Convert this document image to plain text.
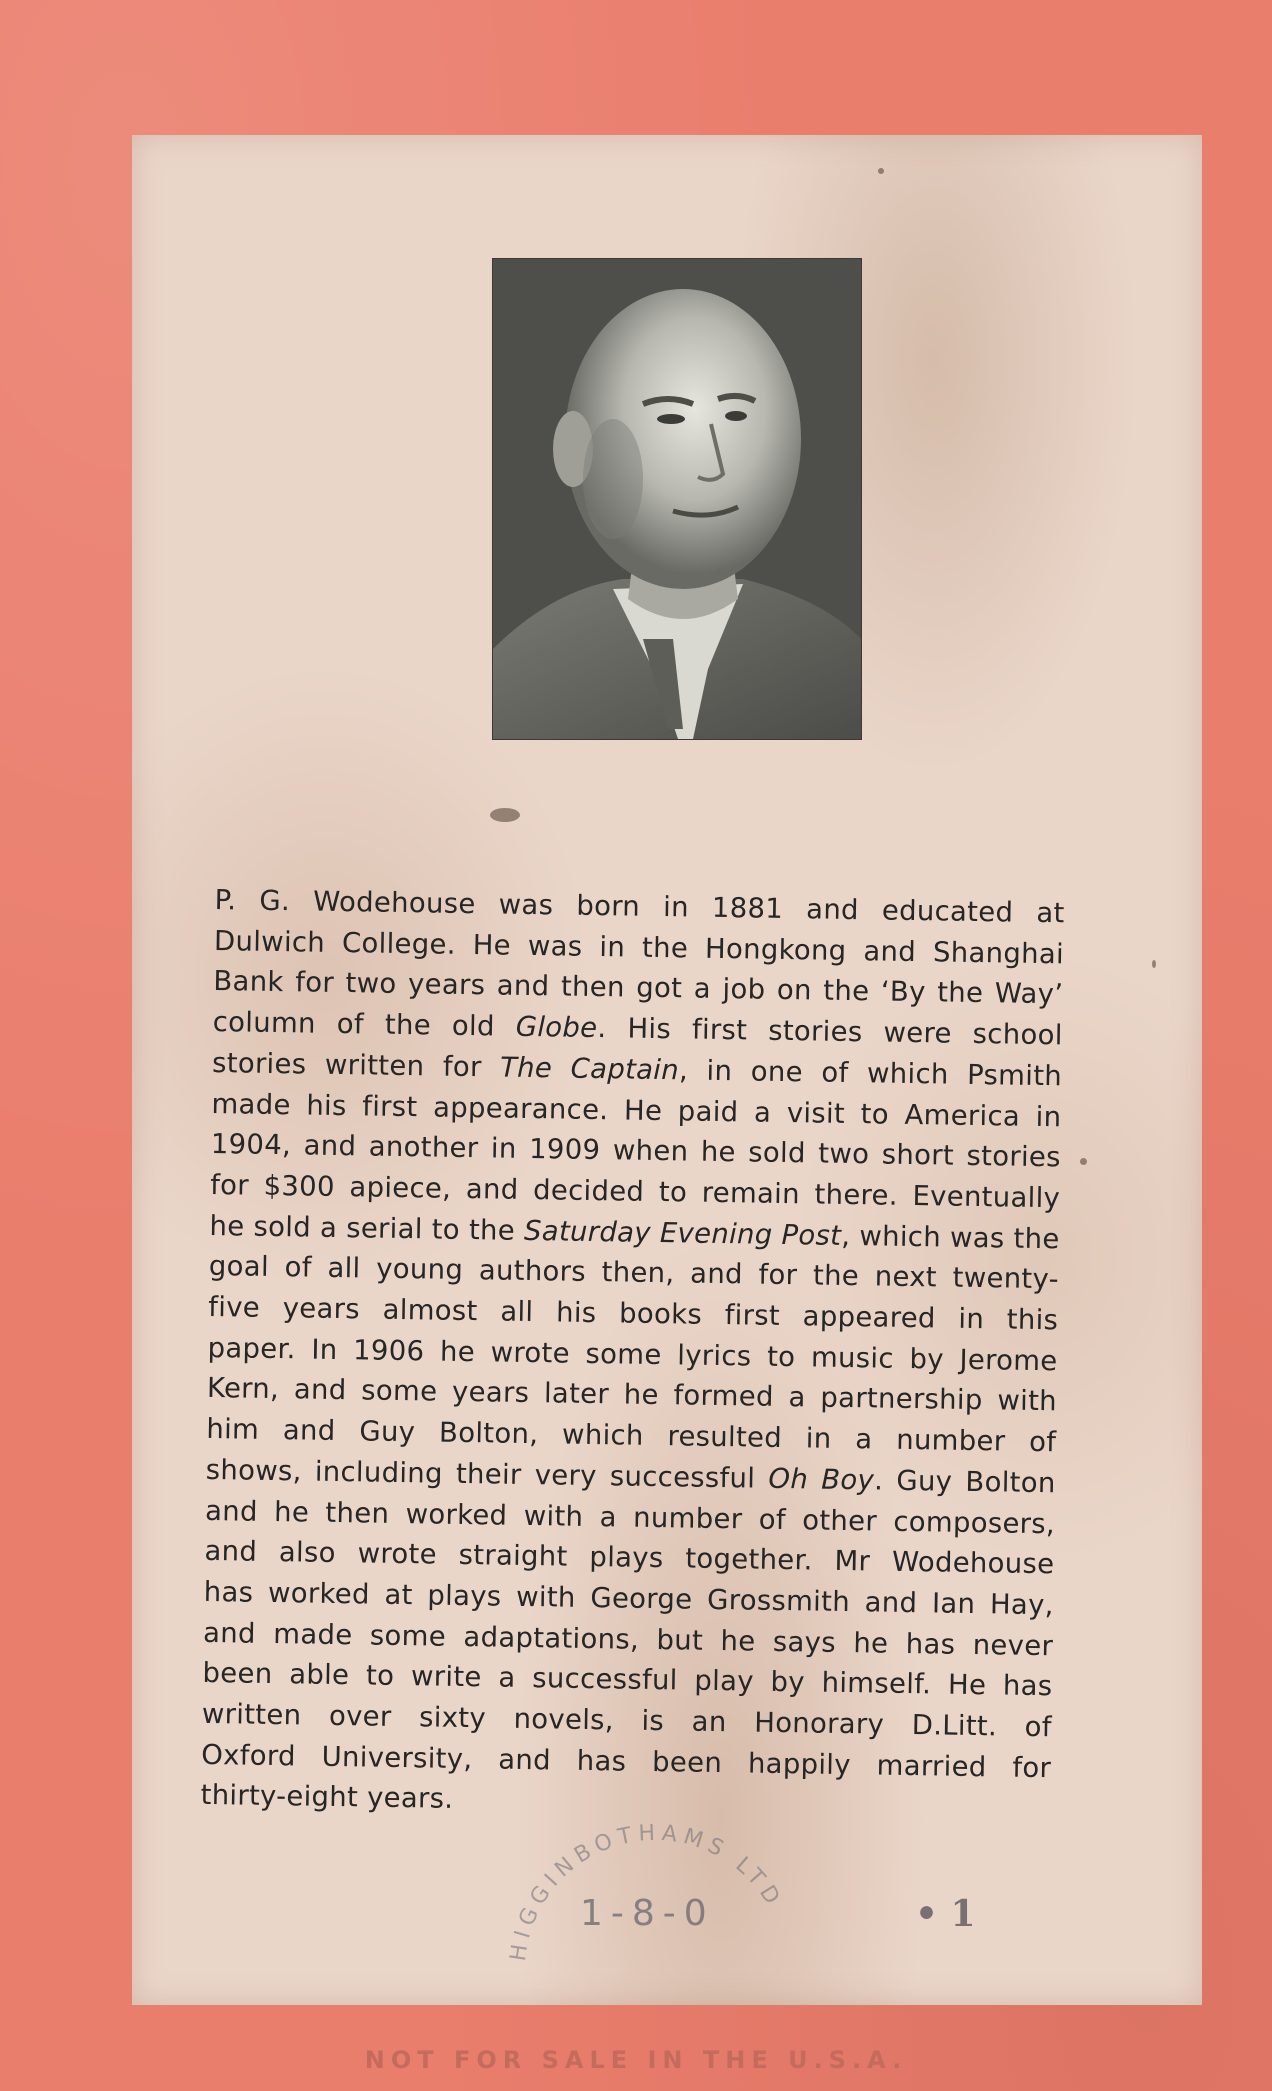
P. G. Wodehouse was born in 1881 and educated at
Dulwich College. He was in the Hongkong and Shanghai
Bank for two years and then got a job on the ‘By the Way’
column of the old Globe. His first stories were school
stories written for The Captain, in one of which Psmith
made his first appearance. He paid a visit to America in
1904, and another in 1909 when he sold two short stories
for $300 apiece, and decided to remain there. Eventually
he sold a serial to the Saturday Evening Post, which was the
goal of all young authors then, and for the next twenty-
five years almost all his books first appeared in this
paper. In 1906 he wrote some lyrics to music by Jerome
Kern, and some years later he formed a partnership with
him and Guy Bolton, which resulted in a number of
shows, including their very successful Oh Boy. Guy Bolton
and he then worked with a number of other composers,
and also wrote straight plays together. Mr Wodehouse
has worked at plays with George Grossmith and Ian Hay,
and made some adaptations, but he says he has never
been able to write a successful play by himself. He has
written over sixty novels, is an Honorary D.Litt. of
Oxford University, and has been happily married for
thirty-eight years.
HIGGINBOTHAMS LTD
1-8-0	• 1
NOT FOR SALE IN THE U.S.A.
